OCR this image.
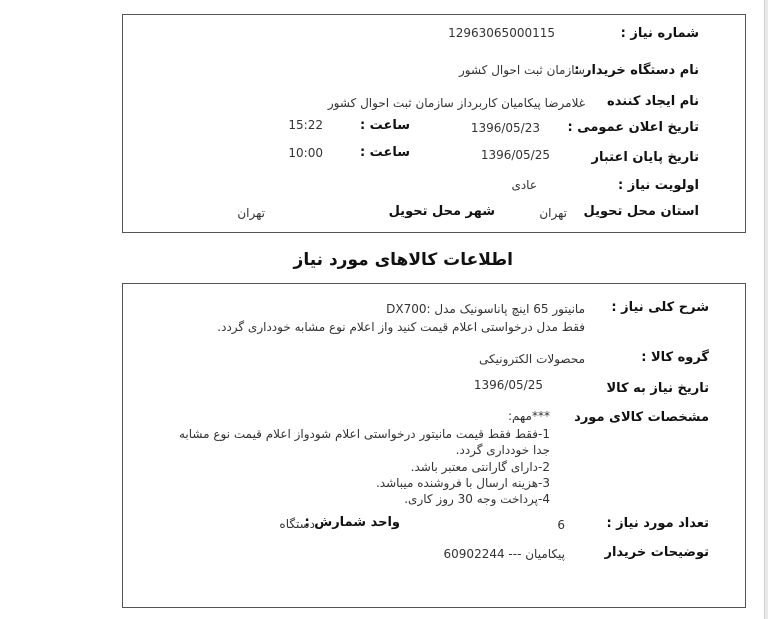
شماره نیاز :
12963065000115
نام دستگاه خریدار :
سازمان ثبت احوال کشور
نام ایجاد کننده
غلامرضا پیکامیان کاربرداز سازمان ثبت احوال کشور
تاریخ اعلان عمومی :
1396/05/23
ساعت :
15:22
تاریخ پایان اعتبار
1396/05/25
ساعت :
10:00
اولویت نیاز :
عادی
استان محل تحویل
تهران
شهر محل تحویل
تهران
اطلاعات کالاهای مورد نیاز
شرح کلی نیاز :
مانیتور 65 اینچ پاناسونیک مدل :DX700
فقط مدل درخواستی اعلام قیمت کنید واز اعلام نوع مشابه خودداری گردد.
گروه کالا :
محصولات الکترونیکی
تاریخ نیاز به کالا
1396/05/25
مشخصات کالای مورد
***مهم:
1-فقط فقط قیمت مانیتور درخواستی اعلام شودواز اعلام قیمت نوع مشابه
جدا خودداری گردد.
2-دارای گارانتی معتبر باشد.
3-هزینه ارسال با فروشنده میباشد.
4-پرداخت وجه 30 روز کاری.
تعداد مورد نیاز :
6
واحد شمارش :
دستگاه
توضیحات خریدار
پیکامیان --- 60902244
